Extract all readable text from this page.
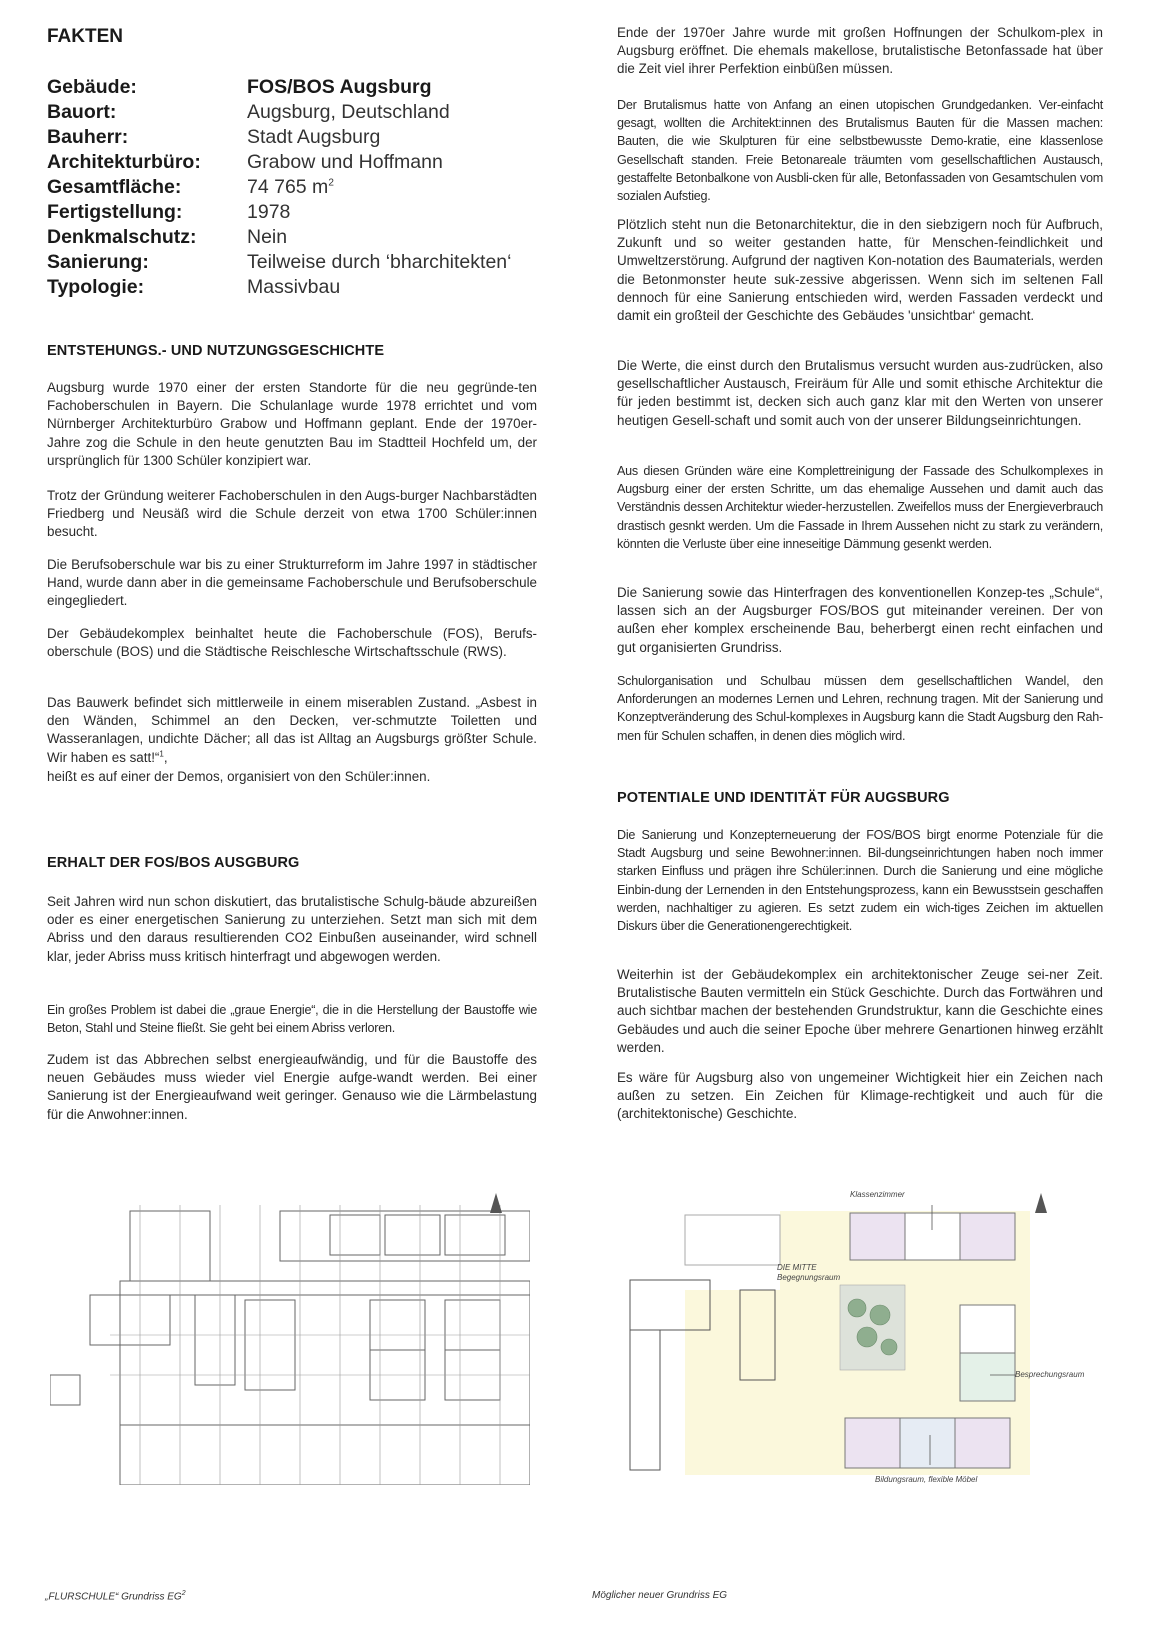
FAKTEN
Gebäude:	FOS/BOS Augsburg
Bauort:	Augsburg, Deutschland
Bauherr:	Stadt Augsburg
Architekturbüro:	Grabow und Hoffmann
Gesamtfläche:	74 765 $m^2$
Fertigstellung:	1978
Denkmalschutz:	Nein
Sanierung:	Teilweise durch ‘bharchitekten‘
Typologie:	Massivbau
ENTSTEHUNGS.- UND NUTZUNGSGESCHICHTE

Augsburg wurde 1970 einer der ersten Standorte für die neu gegründe-ten Fachoberschulen in Bayern. Die Schulanlage wurde 1978 errichtet und vom Nürnberger Architekturbüro Grabow und Hoffmann geplant. Ende der 1970er-Jahre zog die Schule in den heute genutzten Bau im Stadtteil Hochfeld um, der ursprünglich für 1300 Schüler konzipiert war.

Trotz der Gründung weiterer Fachoberschulen in den Augs-burger Nachbarstädten Friedberg und Neusäß wird die Schule derzeit von etwa 1700 Schüler:innen besucht.

Die Berufsoberschule war bis zu einer Strukturreform im Jahre 1997 in städtischer Hand, wurde dann aber in die gemeinsame Fachoberschule und Berufsoberschule eingegliedert.

Der Gebäudekomplex beinhaltet heute die Fachoberschule (FOS), Berufs-oberschule (BOS) und die Städtische Reischlesche Wirtschaftsschule (RWS).

Das Bauwerk befindet sich mittlerweile in einem miserablen Zustand. „Asbest in den Wänden, Schimmel an den Decken, ver-schmutzte Toiletten und Wasseranlagen, undichte Dächer; all das ist Alltag an Augsburgs größter Schule. Wir haben es satt!“$^1$,

heißt es auf einer der Demos, organisiert von den Schüler:innen.

ERHALT DER FOS/BOS AUSGBURG

Seit Jahren wird nun schon diskutiert, das brutalistische Schulg-bäude abzureißen oder es einer energetischen Sanierung zu unterziehen. Setzt man sich mit dem Abriss und den daraus resultierenden CO2 Einbußen auseinander, wird schnell klar, jeder Abriss muss kritisch hinterfragt und abgewogen werden.

Ein großes Problem ist dabei die „graue Energie“, die in die Herstellung der Baustoffe wie Beton, Stahl und Steine fließt. Sie geht bei einem Abriss verloren.

Zudem ist das Abbrechen selbst energieaufwändig, und für die Baustoffe des neuen Gebäudes muss wieder viel Energie aufge-wandt werden. Bei einer Sanierung ist der Energieaufwand weit geringer. Genauso wie die Lärmbelastung für die Anwohner:innen.

Ende der 1970er Jahre wurde mit großen Hoffnungen der Schulkom-plex in Augsburg eröffnet. Die ehemals makellose, brutalistische Betonfassade hat über die Zeit viel ihrer Perfektion einbüßen müssen.

Der Brutalismus hatte von Anfang an einen utopischen Grundgedanken. Ver-einfacht gesagt, wollten die Architekt:innen des Brutalismus Bauten für die Massen machen: Bauten, die wie Skulpturen für eine selbstbewusste Demo-kratie, eine klassenlose Gesellschaft standen. Freie Betonareale träumten vom gesellschaftlichen Austausch, gestaffelte Betonbalkone von Ausbli-cken für alle, Betonfassaden von Gesamtschulen vom sozialen Aufstieg.

Plötzlich steht nun die Betonarchitektur, die in den siebzigern noch für Aufbruch, Zukunft und so weiter gestanden hatte, für Menschen-feindlichkeit und Umweltzerstörung. Aufgrund der nagtiven Kon-notation des Baumaterials, werden die Betonmonster heute suk-zessive abgerissen. Wenn sich im seltenen Fall dennoch für eine Sanierung entschieden wird, werden Fassaden verdeckt und damit ein großteil der Geschichte des Gebäudes 'unsichtbar‘ gemacht.

Die Werte, die einst durch den Brutalismus versucht wurden aus-zudrücken, also gesellschaftlicher Austausch, Freiräum für Alle und somit ethische Architektur die für jeden bestimmt ist, decken sich auch ganz klar mit den Werten von unserer heutigen Gesell-schaft und somit auch von der unserer Bildungseinrichtungen.

Aus diesen Gründen wäre eine Komplettreinigung der Fassade des Schulkomplexes in Augsburg einer der ersten Schritte, um das ehemalige Aussehen und damit auch das Verständnis dessen Architektur wieder-herzustellen. Zweifellos muss der Energieverbrauch drastisch gesnkt werden. Um die Fassade in Ihrem Aussehen nicht zu stark zu verändern, könnten die Verluste über eine inneseitige Dämmung gesenkt werden.

Die Sanierung sowie das Hinterfragen des konventionellen Konzep-tes „Schule“, lassen sich an der Augsburger FOS/BOS gut miteinander vereinen. Der von außen eher komplex erscheinende Bau, beherbergt einen recht einfachen und gut organisierten Grundriss.

Schulorganisation und Schulbau müssen dem gesellschaftlichen Wandel, den Anforderungen an modernes Lernen und Lehren, rechnung tragen. Mit der Sanierung und Konzeptveränderung des Schul-komplexes in Augsburg kann die Stadt Augsburg den Rah-men für Schulen schaffen, in denen dies möglich wird.

POTENTIALE UND IDENTITÄT FÜR AUGSBURG

Die Sanierung und Konzepterneuerung der FOS/BOS birgt enorme Potenziale für die Stadt Augsburg und seine Bewohner:innen. Bil-dungseinrichtungen haben noch immer starken Einfluss und prägen ihre Schüler:innen. Durch die Sanierung und eine mögliche Einbin-dung der Lernenden in den Entstehungsprozess, kann ein Bewusstsein geschaffen werden, nachhaltiger zu agieren. Es setzt zudem ein wich-tiges Zeichen im aktuellen Diskurs über die Generationengerechtigkeit.

Weiterhin ist der Gebäudekomplex ein architektonischer Zeuge sei-ner Zeit. Brutalistische Bauten vermitteln ein Stück Geschichte. Durch das Fortwähren und auch sichtbar machen der bestehenden Grundstruktur, kann die Geschichte eines Gebäudes und auch die seiner Epoche über mehrere Genartionen hinweg erzählt werden.

Es wäre für Augsburg also von ungemeiner Wichtigkeit hier ein Zeichen nach außen zu setzen. Ein Zeichen für Klimage-rechtigkeit und auch für die (architektonische) Geschichte.

„FLURSCHULE“ Grundriss $EG^2$
Klassenzimmer
DIE MITTE
Begegnungsraum
Besprechungsraum
Bildungsraum, flexible Möbel
Möglicher neuer Grundriss EG
